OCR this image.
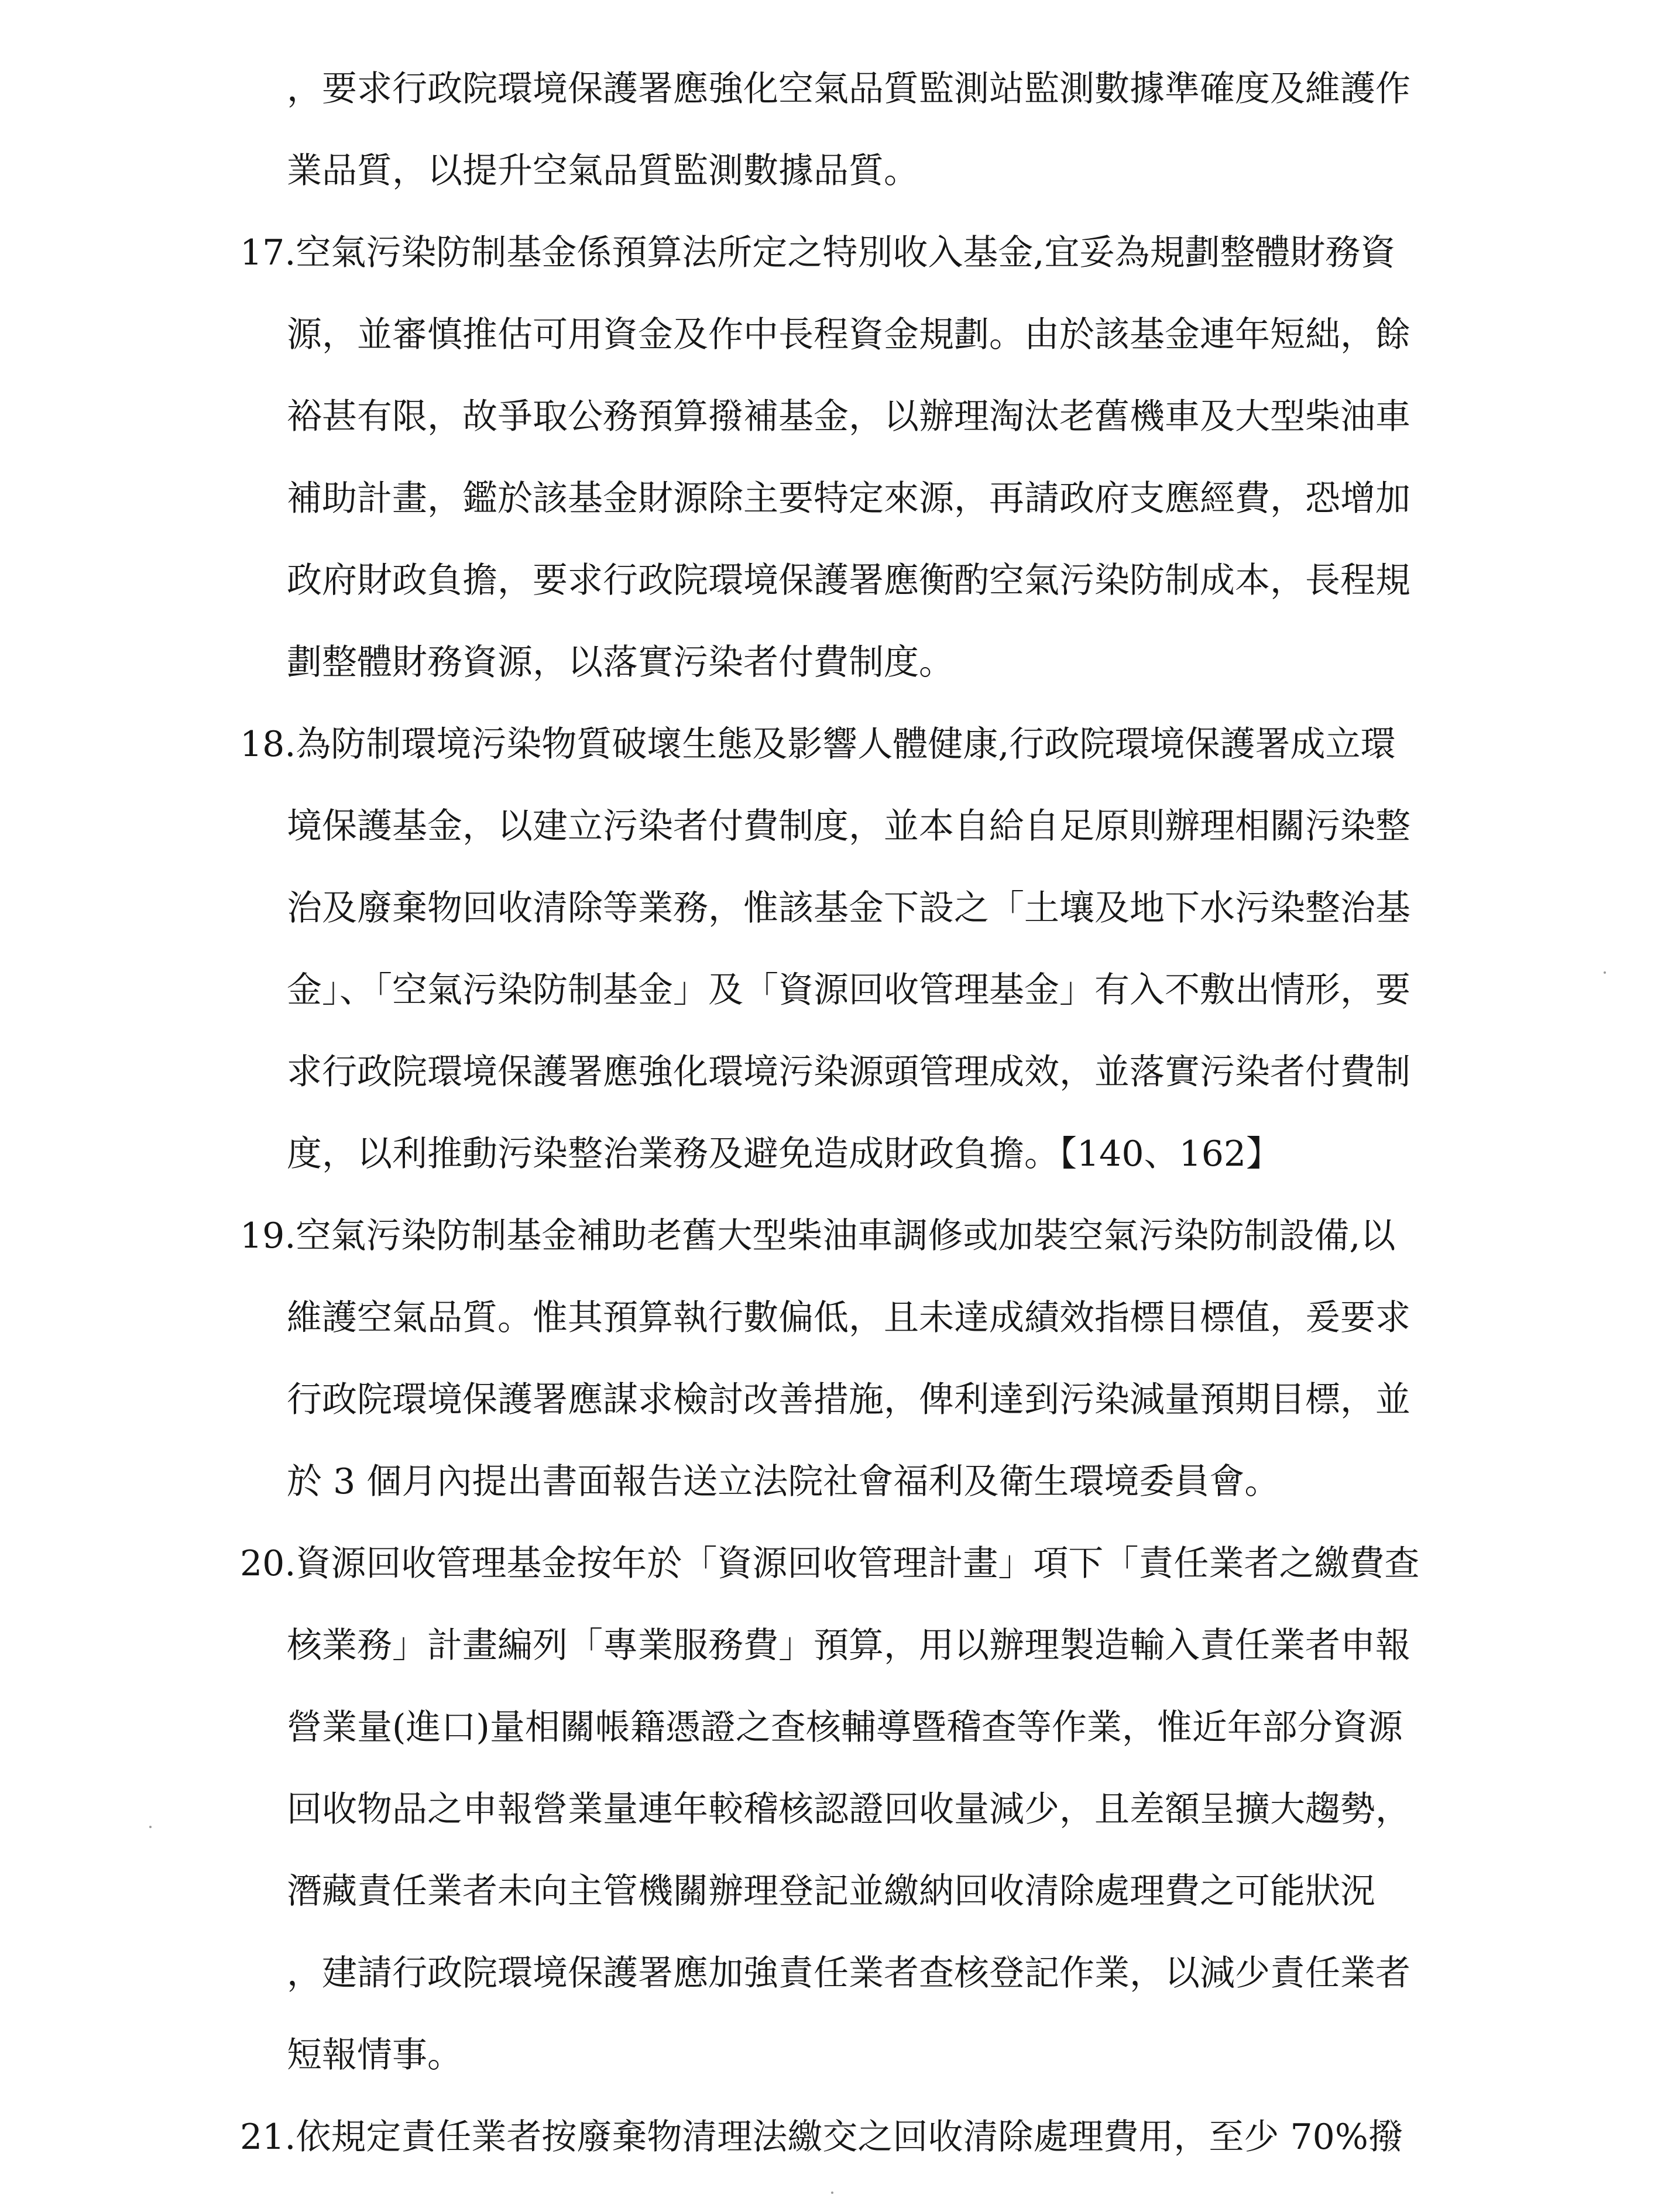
，要求行政院環境保護署應強化空氣品質監測站監測數據準確度及維護作
業品質，以提升空氣品質監測數據品質。
17.空氣污染防制基金係預算法所定之特別收入基金,宜妥為規劃整體財務資
源，並審慎推估可用資金及作中長程資金規劃。由於該基金連年短絀，餘
裕甚有限，故爭取公務預算撥補基金，以辦理淘汰老舊機車及大型柴油車
補助計畫，鑑於該基金財源除主要特定來源，再請政府支應經費，恐增加
政府財政負擔，要求行政院環境保護署應衡酌空氣污染防制成本，長程規
劃整體財務資源，以落實污染者付費制度。
18.為防制環境污染物質破壞生態及影響人體健康,行政院環境保護署成立環
境保護基金，以建立污染者付費制度，並本自給自足原則辦理相關污染整
治及廢棄物回收清除等業務，惟該基金下設之「土壤及地下水污染整治基
金」、「空氣污染防制基金」及「資源回收管理基金」有入不敷出情形，要
求行政院環境保護署應強化環境污染源頭管理成效，並落實污染者付費制
度，以利推動污染整治業務及避免造成財政負擔。【140、162】
19.空氣污染防制基金補助老舊大型柴油車調修或加裝空氣污染防制設備,以
維護空氣品質。惟其預算執行數偏低，且未達成績效指標目標值，爰要求
行政院環境保護署應謀求檢討改善措施，俾利達到污染減量預期目標，並
於 3 個月內提出書面報告送立法院社會福利及衛生環境委員會。
20.資源回收管理基金按年於「資源回收管理計畫」項下「責任業者之繳費查
核業務」計畫編列「專業服務費」預算，用以辦理製造輸入責任業者申報
營業量(進口)量相關帳籍憑證之查核輔導暨稽查等作業，惟近年部分資源
回收物品之申報營業量連年較稽核認證回收量減少，且差額呈擴大趨勢，
潛藏責任業者未向主管機關辦理登記並繳納回收清除處理費之可能狀況
，建請行政院環境保護署應加強責任業者查核登記作業，以減少責任業者
短報情事。
21.依規定責任業者按廢棄物清理法繳交之回收清除處理費用，至少 70%撥
